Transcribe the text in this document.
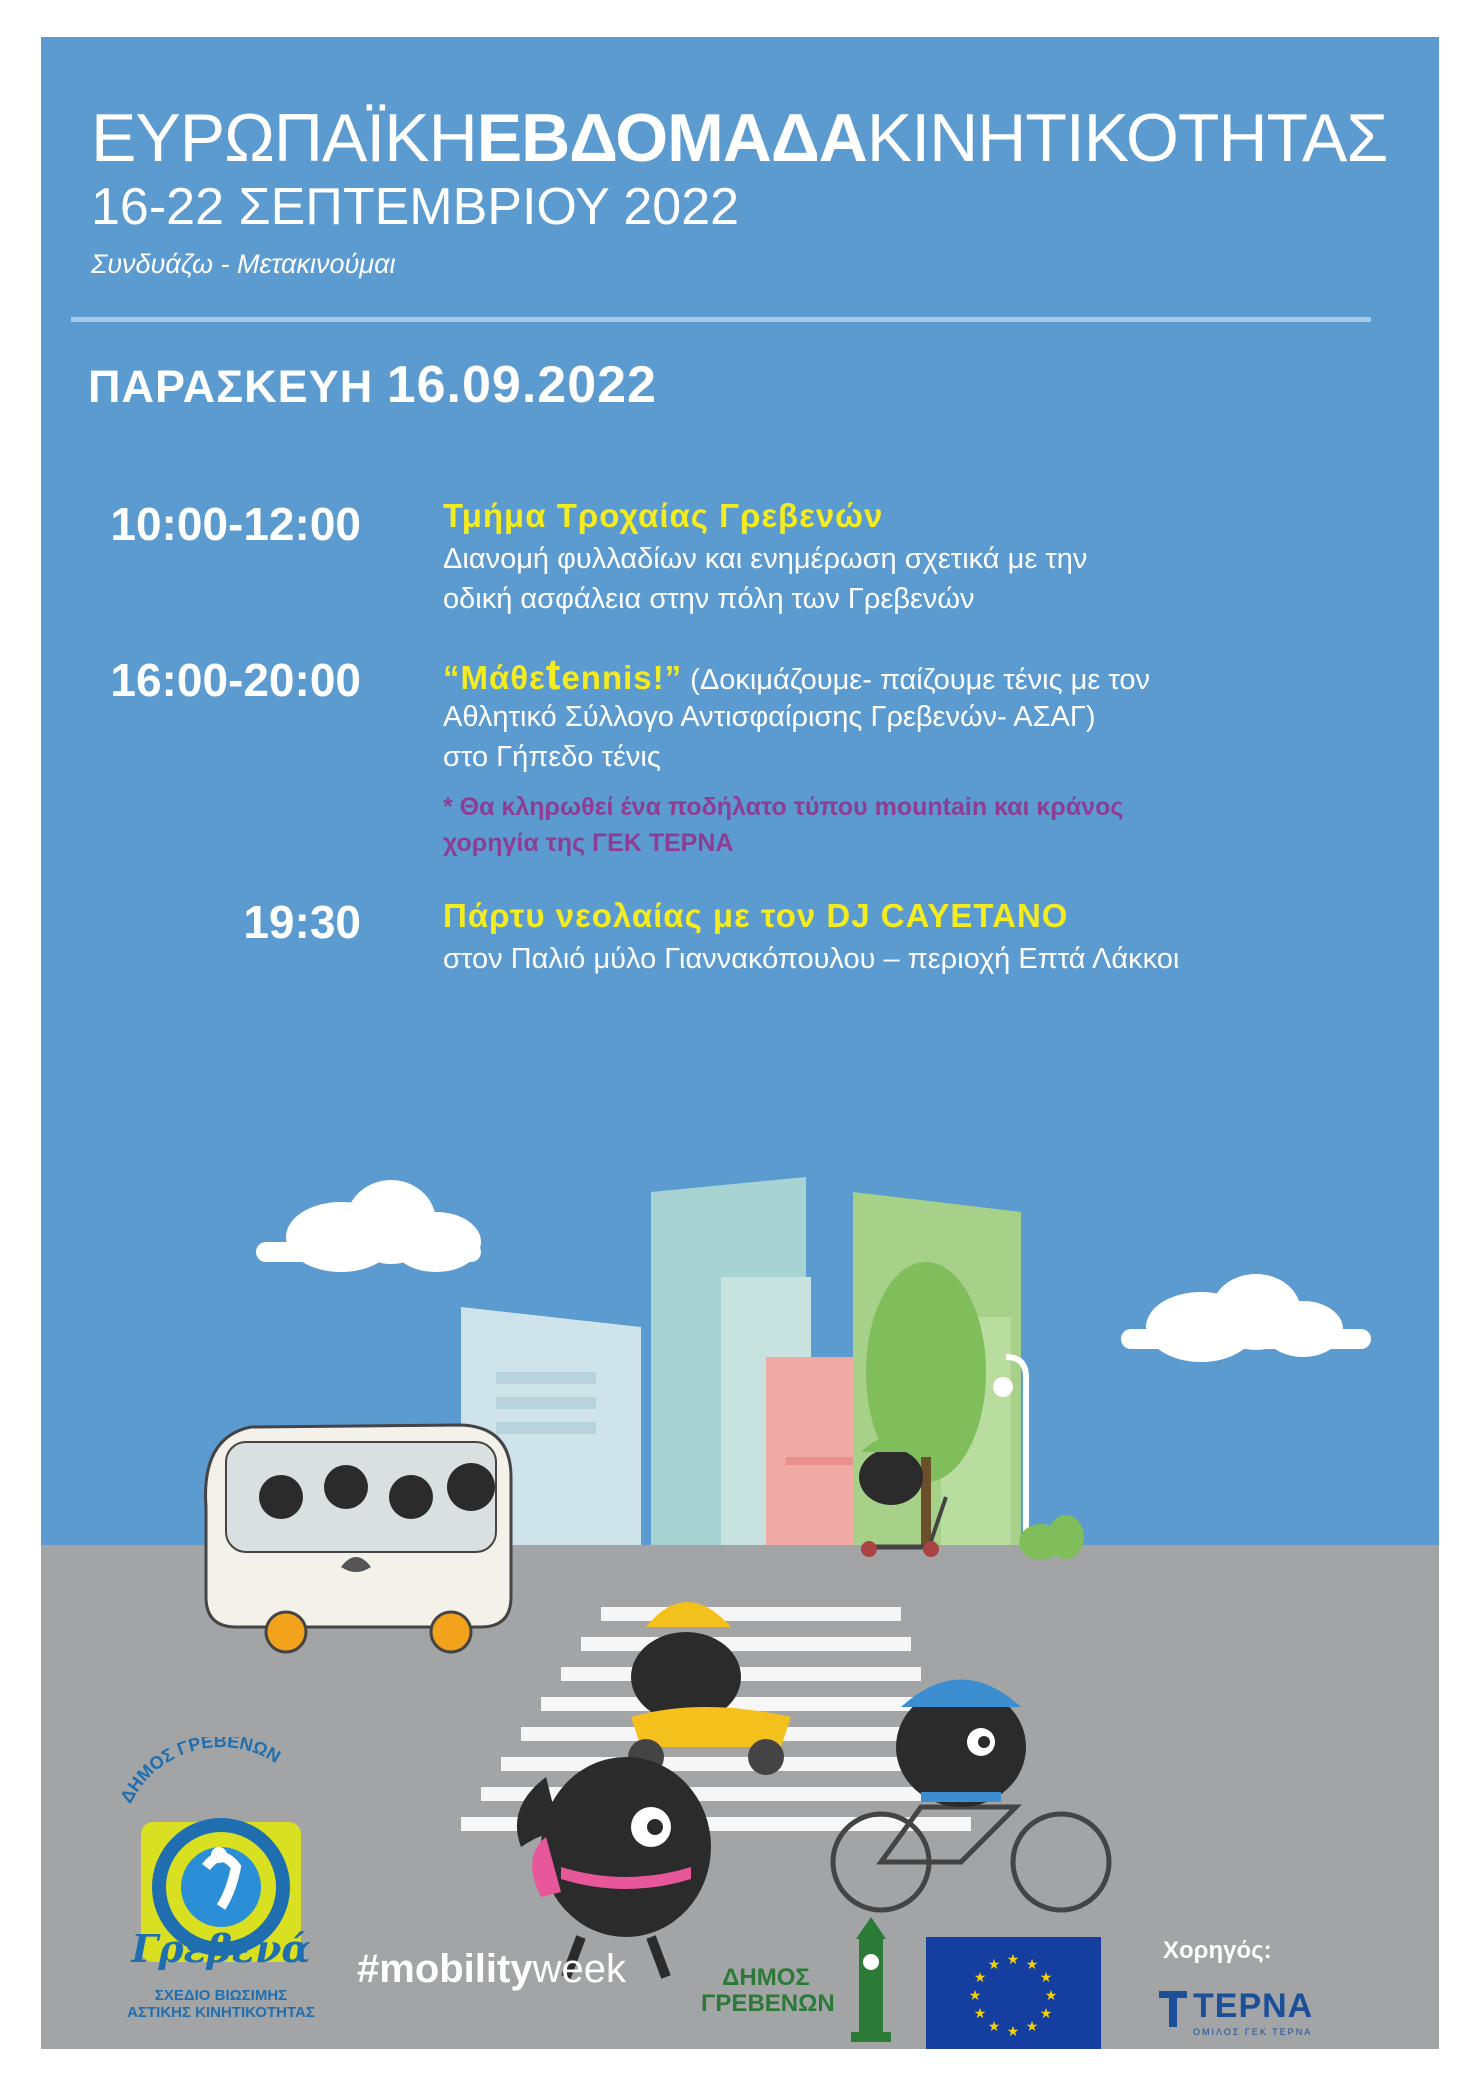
ΕΥΡΩΠΑΪΚΗΕΒΔΟΜΑΔΑΚΙΝΗΤΙΚΟΤΗΤΑΣ
16-22 ΣΕΠΤΕΜΒΡΙΟΥ 2022
Συνδυάζω - Μετακινούμαι
ΠΑΡΑΣΚΕΥΗ 16.09.2022
10:00-12:00 Τμήμα Τροχαίας Γρεβενών
Διανομή φυλλαδίων και ενημέρωση σχετικά με την
οδική ασφάλεια στην πόλη των Γρεβενών
16:00-20:00 “Μάθεtennis!” (Δοκιμάζουμε- παίζουμε τένις με τον
Αθλητικό Σύλλογο Αντισφαίρισης Γρεβενών- ΑΣΑΓ)
στο Γήπεδο τένις
* Θα κληρωθεί ένα ποδήλατο τύπου mountain και κράνος
χορηγία της ΓΕΚ ΤΕΡΝΑ
19:30 Πάρτυ νεολαίας με τον DJ CAYETANO
στον Παλιό μύλο Γιαννακόπουλου – περιοχή Επτά Λάκκοι
ΔΗΜΟΣ ΓΡΕΒΕΝΩΝ
Γρεβενά
ΣΧΕΔΙΟ ΒΙΩΣΙΜΗΣ
ΑΣΤΙΚΗΣ ΚΙΝΗΤΙΚΟΤΗΤΑΣ
#mobilityweek	ΔΗΜΟΣ
ΓΡΕΒΕΝΩΝ
★ ★
★
★
★
★
★
★
★
★
★
★
Χορηγός:
ΤΕΡΝΑ
ΟΜΙΛΟΣ ΓΕΚ ΤΕΡΝΑ
